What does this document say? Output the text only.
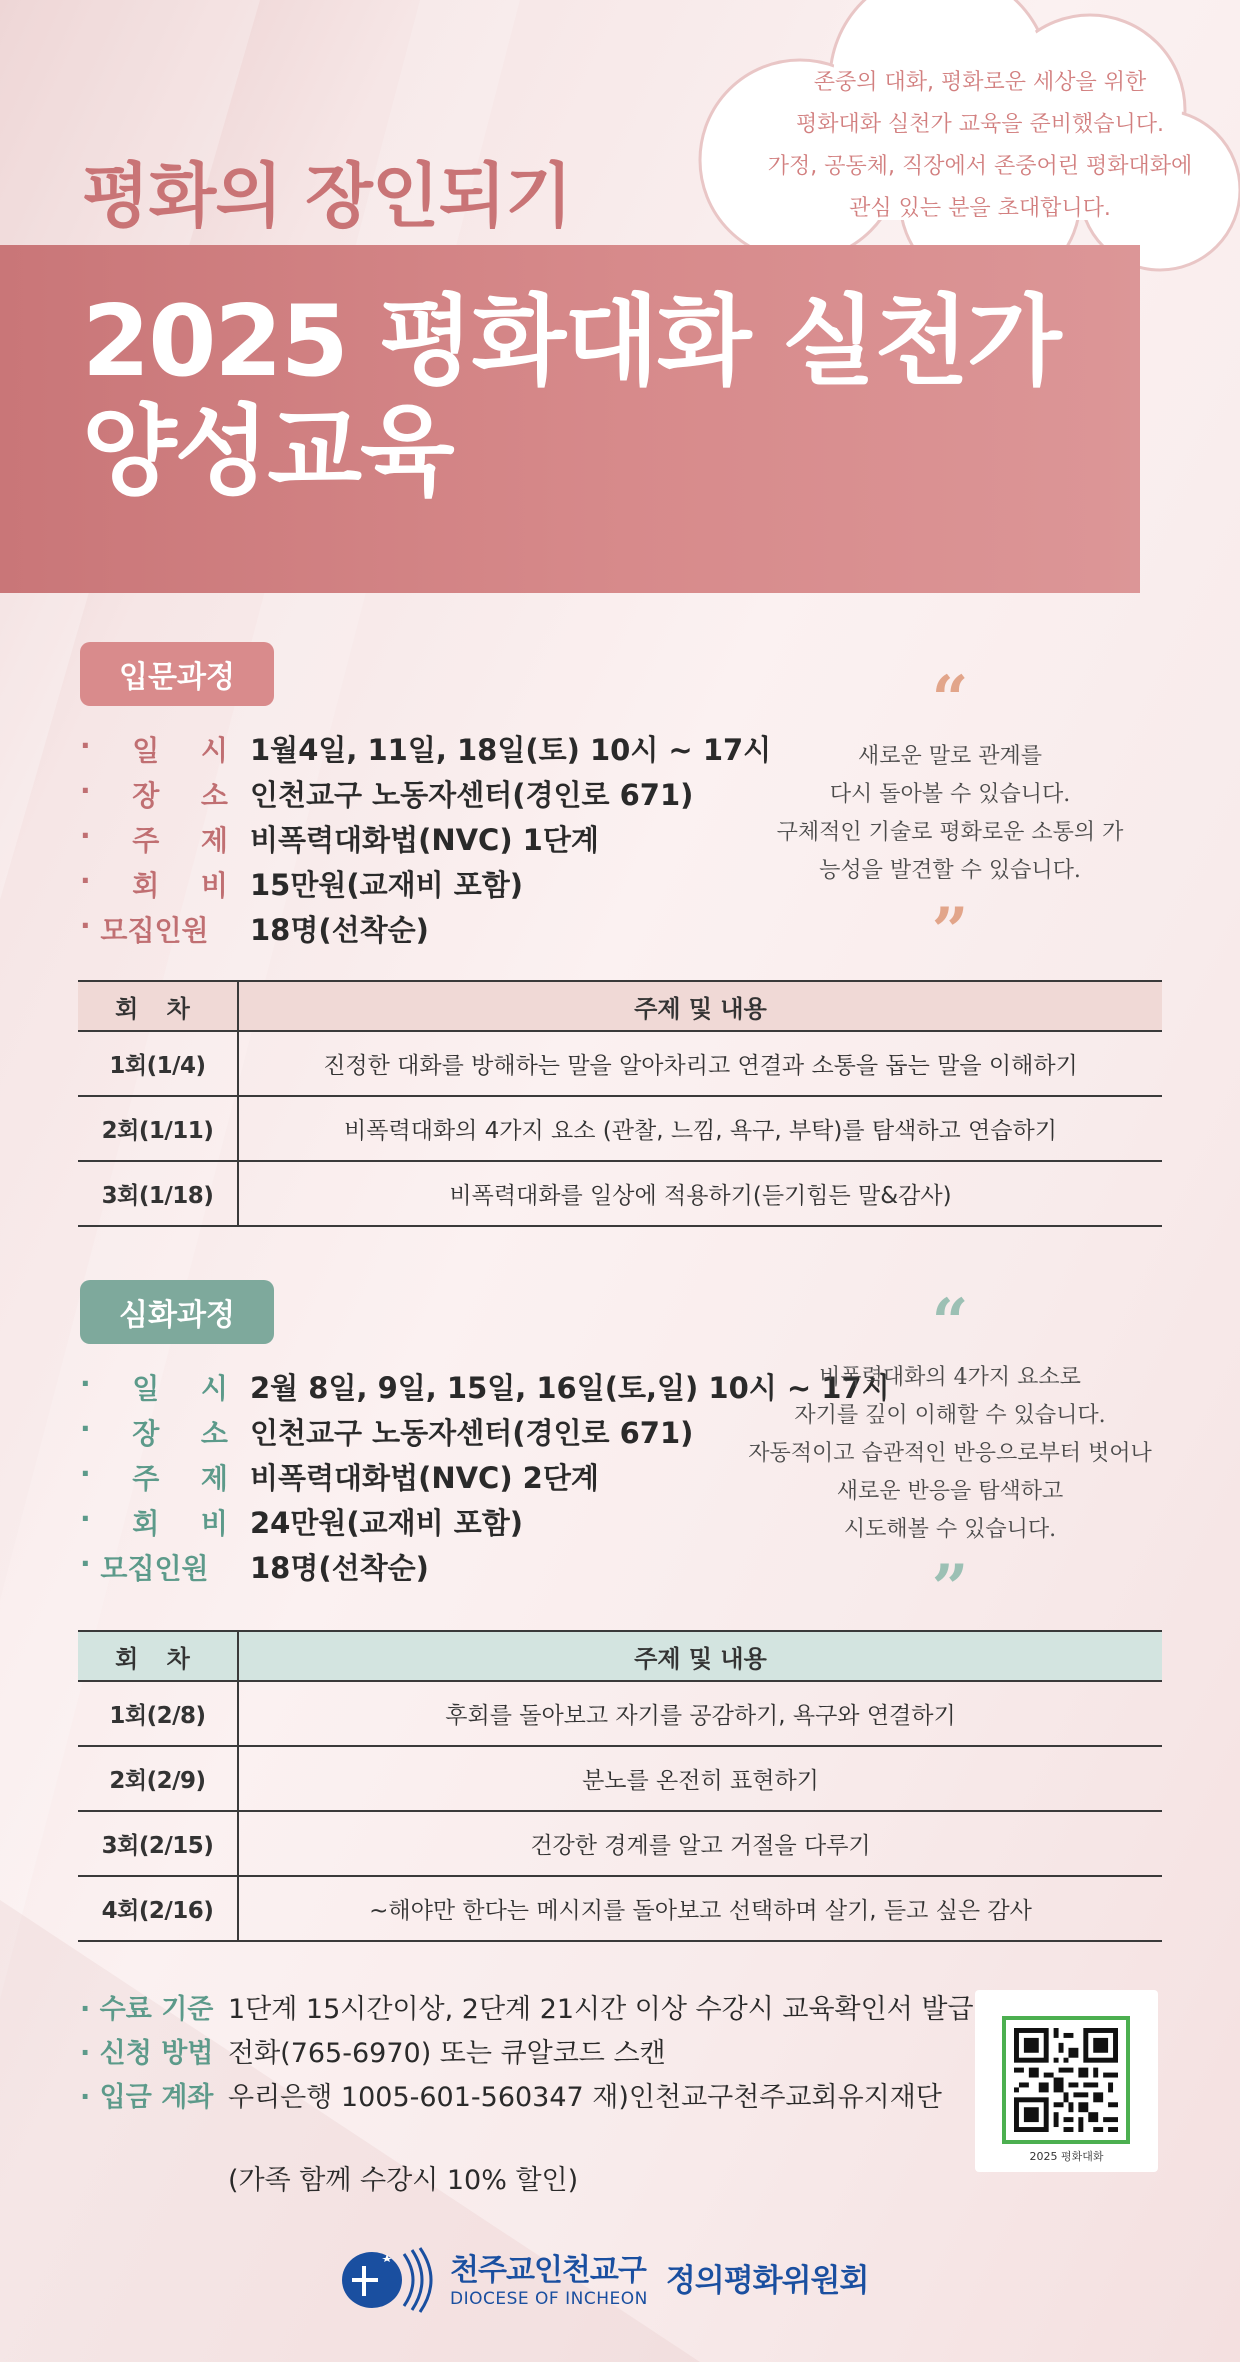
존중의 대화, 평화로운 세상을 위한
평화대화 실천가 교육을 준비했습니다.
가정, 공동체, 직장에서 존중어린 평화대화에
관심 있는 분을 초대합니다.
평화의 장인되기
2025 평화대화 실천가
양성교육
입문과정
· 일 시 1월4일, 11일, 18일(토) 10시 ~ 17시
· 장 소 인천교구 노동자센터(경인로 671)
· 주 제 비폭력대화법(NVC) 1단계
· 회 비 15만원(교재비 포함)
· 모집인원 18명(선착순)
“
새로운 말로 관계를
다시 돌아볼 수 있습니다.
구체적인 기술로 평화로운 소통의 가
능성을 발견할 수 있습니다.
”
회 차	주제 및 내용
1회(1/4)	진정한 대화를 방해하는 말을 알아차리고 연결과 소통을 돕는 말을 이해하기
2회(1/11)	비폭력대화의 4가지 요소 (관찰, 느낌, 욕구, 부탁)를 탐색하고 연습하기
3회(1/18)	비폭력대화를 일상에 적용하기(듣기힘든 말&감사)
심화과정
· 일 시 2월 8일, 9일, 15일, 16일(토,일) 10시 ~ 17시
· 장 소 인천교구 노동자센터(경인로 671)
· 주 제 비폭력대화법(NVC) 2단계
· 회 비 24만원(교재비 포함)
· 모집인원 18명(선착순)
“
비폭력대화의 4가지 요소로
자기를 깊이 이해할 수 있습니다.
자동적이고 습관적인 반응으로부터 벗어나
새로운 반응을 탐색하고
시도해볼 수 있습니다.
”
회 차	주제 및 내용
1회(2/8)	후회를 돌아보고 자기를 공감하기, 욕구와 연결하기
2회(2/9)	분노를 온전히 표현하기
3회(2/15)	건강한 경계를 알고 거절을 다루기
4회(2/16)	~해야만 한다는 메시지를 돌아보고 선택하며 살기, 듣고 싶은 감사
· 수료 기준 1단계 15시간이상, 2단계 21시간 이상 수강시 교육확인서 발급
· 신청 방법 전화(765-6970) 또는 큐알코드 스캔
· 입금 계좌 우리은행 1005-601-560347 재)인천교구천주교회유지재단
(가족 함께 수강시 10% 할인)
2025 평화대화
천주교인천교구
DIOCESE OF INCHEON
정의평화위원회
